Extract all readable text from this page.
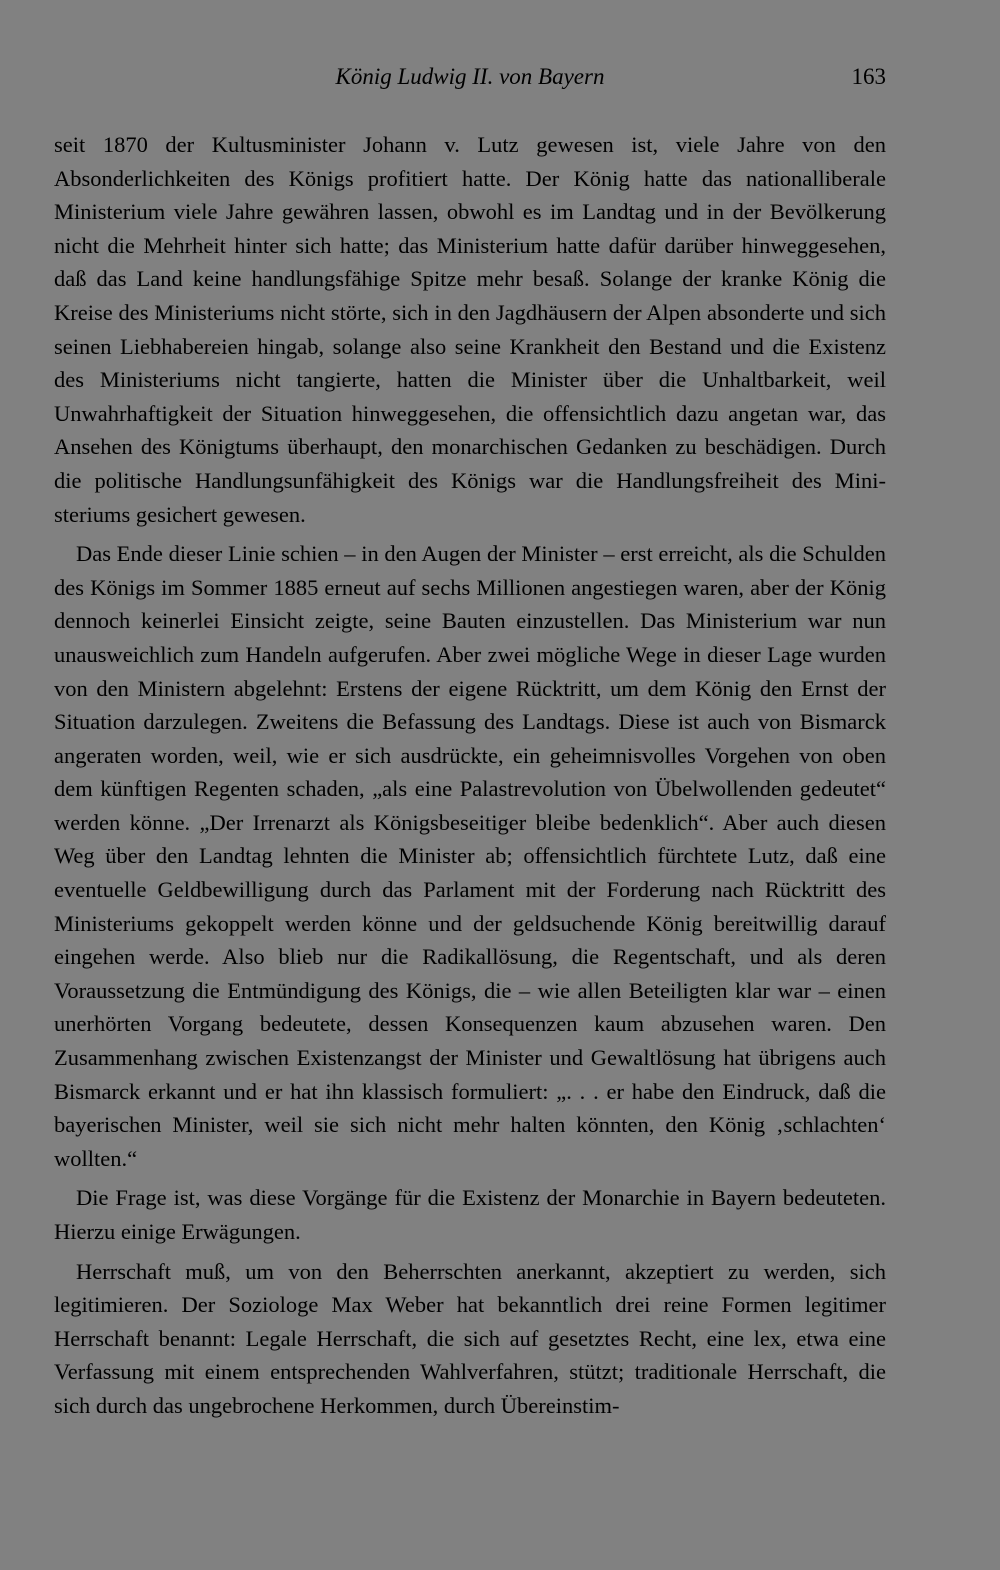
König Ludwig II. von Bayern	163

seit 1870 der Kultusminister Johann v. Lutz gewesen ist, viele Jahre von den Absonderlichkeiten des Königs profitiert hatte. Der König hatte das nationalliberale Ministerium viele Jahre gewähren lassen, obwohl es im Landtag und in der Bevölkerung nicht die Mehrheit hinter sich hatte; das Ministerium hatte dafür darüber hinweggesehen, daß das Land keine handlungsfähige Spitze mehr besaß. Solange der kranke König die Kreise des Ministeriums nicht störte, sich in den Jagdhäusern der Alpen absonderte und sich seinen Liebhabereien hingab, solange also seine Krankheit den Bestand und die Existenz des Ministeriums nicht tangierte, hatten die Minister über die Unhaltbarkeit, weil Unwahrhaftigkeit der Situation hinweggesehen, die offensichtlich dazu angetan war, das Ansehen des Königtums überhaupt, den monarchischen Gedanken zu beschädigen. Durch die politische Handlungsunfähigkeit des Königs war die Handlungsfreiheit des Ministeriums gesichert gewesen.

Das Ende dieser Linie schien – in den Augen der Minister – erst erreicht, als die Schulden des Königs im Sommer 1885 erneut auf sechs Millionen angestiegen waren, aber der König dennoch keinerlei Einsicht zeigte, seine Bauten einzustellen. Das Ministerium war nun unausweichlich zum Handeln aufgerufen. Aber zwei mögliche Wege in dieser Lage wurden von den Ministern abgelehnt: Erstens der eigene Rücktritt, um dem König den Ernst der Situation darzulegen. Zweitens die Befassung des Landtags. Diese ist auch von Bismarck angeraten worden, weil, wie er sich ausdrückte, ein geheimnisvolles Vorgehen von oben dem künftigen Regenten schaden, „als eine Palastrevolution von Übelwollenden gedeutet“ werden könne. „Der Irrenarzt als Königsbeseitiger bleibe bedenklich“. Aber auch diesen Weg über den Landtag lehnten die Minister ab; offensichtlich fürchtete Lutz, daß eine eventuelle Geldbewilligung durch das Parlament mit der Forderung nach Rücktritt des Ministeriums gekoppelt werden könne und der geldsuchende König bereitwillig darauf eingehen werde. Also blieb nur die Radikallösung, die Regentschaft, und als deren Voraussetzung die Entmündigung des Königs, die – wie allen Beteiligten klar war – einen unerhörten Vorgang bedeutete, dessen Konsequenzen kaum abzusehen waren. Den Zusammenhang zwischen Existenzangst der Minister und Gewaltlösung hat übrigens auch Bismarck erkannt und er hat ihn klassisch formuliert: „. . . er habe den Eindruck, daß die bayerischen Minister, weil sie sich nicht mehr halten könnten, den König ‚schlachten‘ wollten.“

Die Frage ist, was diese Vorgänge für die Existenz der Monarchie in Bayern bedeuteten. Hierzu einige Erwägungen.

Herrschaft muß, um von den Beherrschten anerkannt, akzeptiert zu werden, sich legitimieren. Der Soziologe Max Weber hat bekanntlich drei reine Formen legitimer Herrschaft benannt: Legale Herrschaft, die sich auf gesetztes Recht, eine lex, etwa eine Verfassung mit einem entsprechenden Wahlverfahren, stützt; traditionale Herrschaft, die sich durch das ungebrochene Herkommen, durch Übereinstim-
